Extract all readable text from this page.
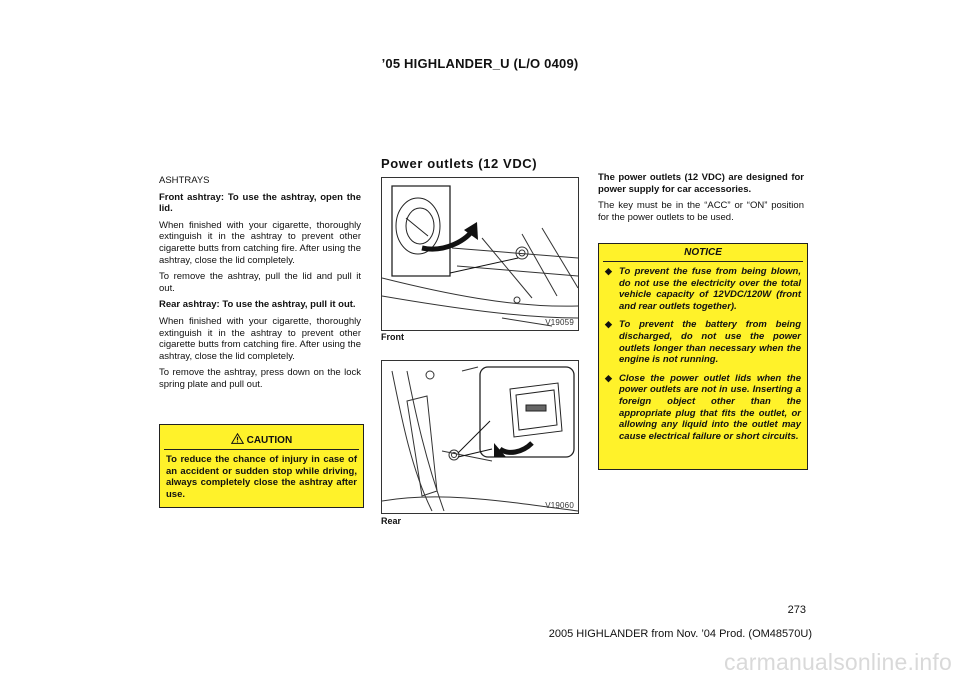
’05 HIGHLANDER_U (L/O 0409)

ASHTRAYS

Front ashtray: To use the ashtray, open the lid.

When finished with your cigarette, thoroughly extinguish it in the ashtray to prevent other cigarette butts from catching fire. After using the ashtray, close the lid completely.

To remove the ashtray, pull the lid and pull it out.

Rear ashtray: To use the ashtray, pull it out.

When finished with your cigarette, thoroughly extinguish it in the ashtray to prevent other cigarette butts from catching fire. After using the ashtray, close the lid completely.

To remove the ashtray, press down on the lock spring plate and pull out.

CAUTION
To reduce the chance of injury in case of an accident or sudden stop while driving, always completely close the ashtray after use.
Power outlets (12 VDC)
V19059
Front
V19060
Rear

The power outlets (12 VDC) are designed for power supply for car accessories.

The key must be in the “ACC” or “ON” position for the power outlets to be used.

NOTICE
◆ To prevent the fuse from being blown, do not use the electricity over the total vehicle capacity of 12VDC/120W (front and rear outlets together).
◆ To prevent the battery from being discharged, do not use the power outlets longer than necessary when the engine is not running.
◆ Close the power outlet lids when the power outlets are not in use. Inserting a foreign object other than the appropriate plug that fits the outlet, or allowing any liquid into the outlet may cause electrical failure or short circuits.
273
2005 HIGHLANDER from Nov. ’04 Prod. (OM48570U)
carmanualsonline.info
